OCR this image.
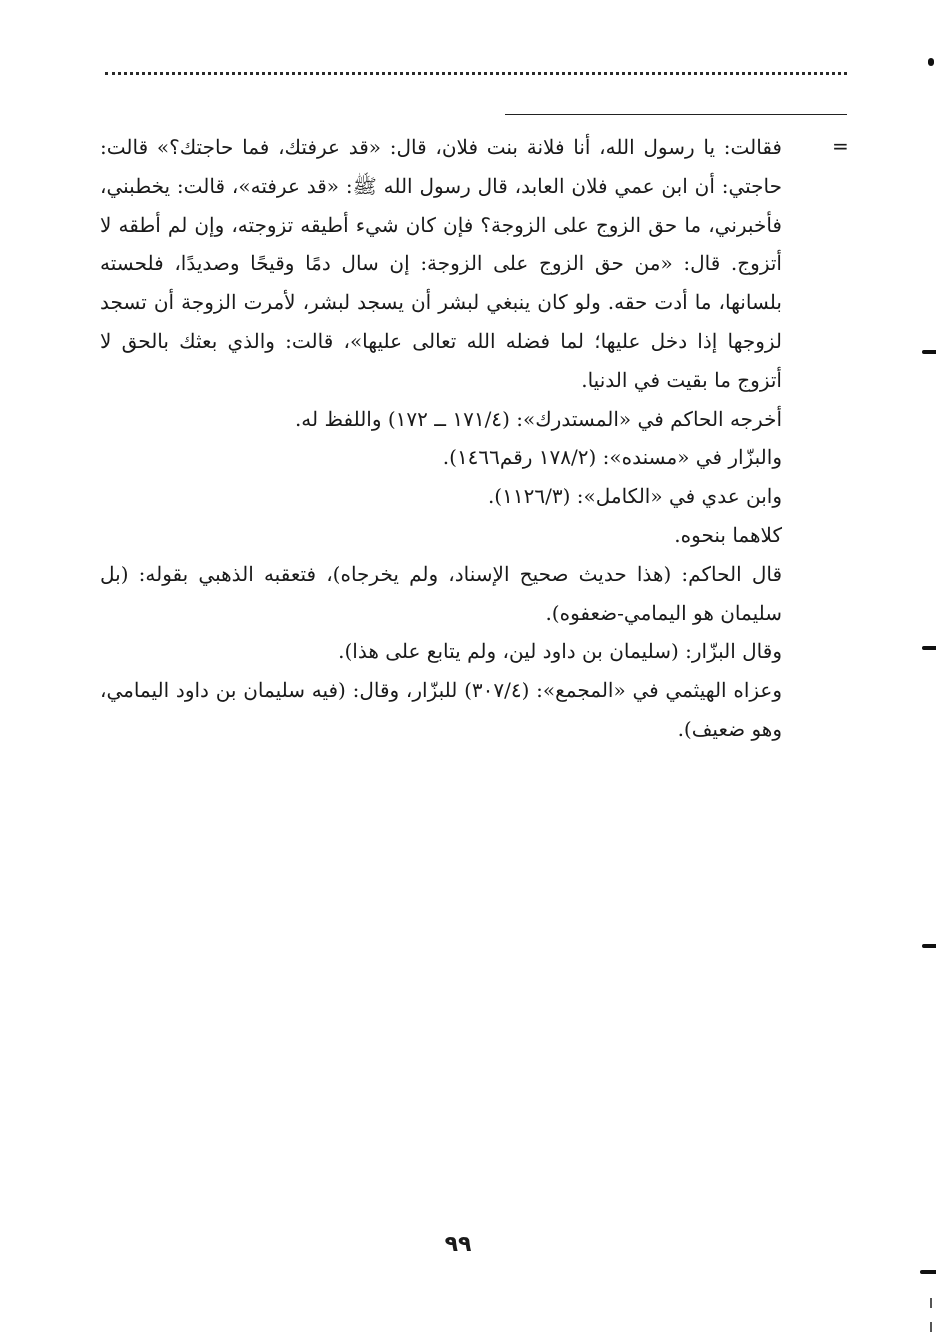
=

فقالت: يا رسول الله، أنا فلانة بنت فلان، قال: «قد عرفتك، فما حاجتك؟» قالت: حاجتي: أن ابن عمي فلان العابد، قال رسول الله ﷺ: «قد عرفته»، قالت: يخطبني، فأخبرني، ما حق الزوج على الزوجة؟ فإن كان شيء أطيقه تزوجته، وإن لم أطقه لا أتزوج. قال: «من حق الزوج على الزوجة: إن سال دمًا وقيحًا وصديدًا، فلحسته بلسانها، ما أدت حقه. ولو كان ينبغي لبشر أن يسجد لبشر، لأمرت الزوجة أن تسجد لزوجها إذا دخل عليها؛ لما فضله الله تعالى عليها»، قالت: والذي بعثك بالحق لا أتزوج ما بقيت في الدنيا.

أخرجه الحاكم في «المستدرك»: (١٧١/٤ ــ ١٧٢) واللفظ له.

والبزّار في «مسنده»: (١٧٨/٢ رقم١٤٦٦).

وابن عدي في «الكامل»: (١١٢٦/٣).

كلاهما بنحوه.

قال الحاكم: (هذا حديث صحيح الإسناد، ولم يخرجاه)، فتعقبه الذهبي بقوله: (بل سليمان هو اليمامي-ضعفوه).

وقال البزّار: (سليمان بن داود لين، ولم يتابع على هذا).

وعزاه الهيثمي في «المجمع»: (٣٠٧/٤) للبزّار، وقال: (فيه سليمان بن داود اليمامي، وهو ضعيف).

٩٩
